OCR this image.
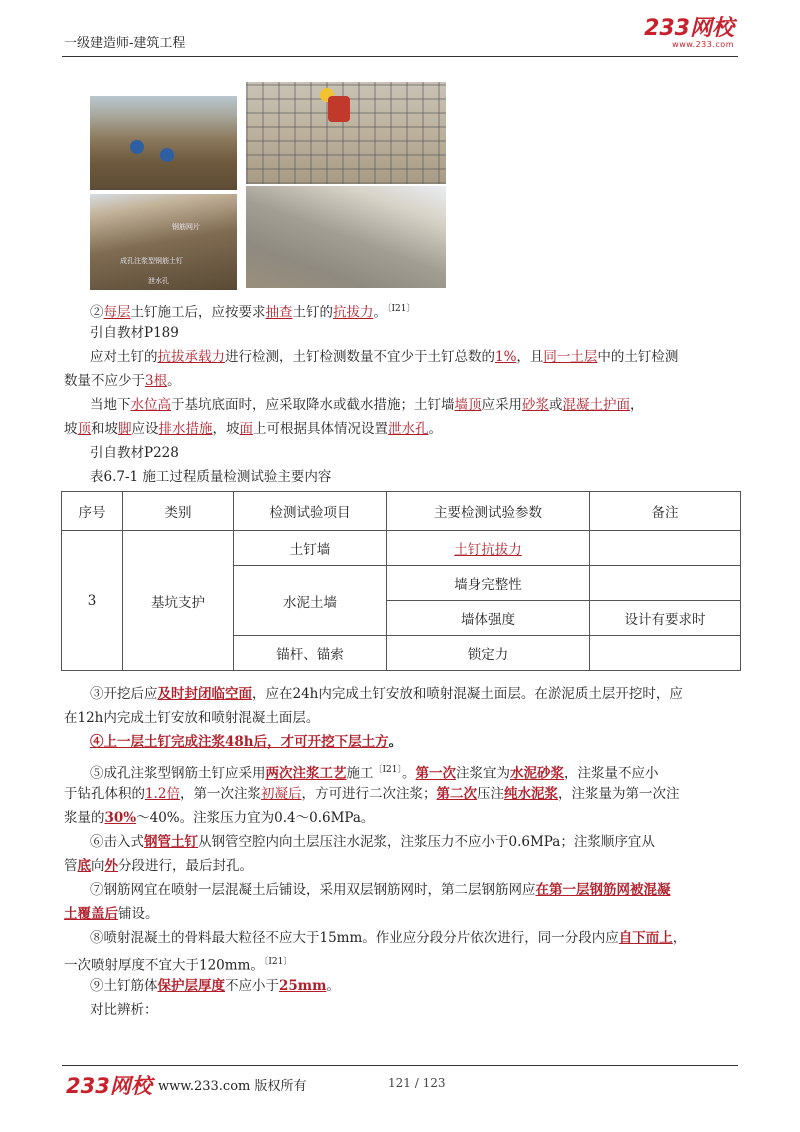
一级建造师-建筑工程
233网校
www.233.com
钢筋网片
成孔注浆型钢筋土钉
泄水孔
②每层土钉施工后，应按要求抽查土钉的抗拔力。$^{〔Ⅰ21〕}$
引自教材P189
应对土钉的抗拔承载力进行检测，土钉检测数量不宜少于土钉总数的1%，且同一土层中的土钉检测
数量不应少于3根。
当地下水位高于基坑底面时，应采取降水或截水措施；土钉墙墙顶应采用砂浆或混凝土护面，
坡顶和坡脚应设排水措施，坡面上可根据具体情况设置泄水孔。
引自教材P228
表6.7-1 施工过程质量检测试验主要内容
序号	类别	检测试验项目	主要检测试验参数	备注
3	基坑支护	土钉墙	土钉抗拔力	
		水泥土墙	墙身完整性	
			墙体强度	设计有要求时
		锚杆、锚索	锁定力	
③开挖后应及时封闭临空面，应在24h内完成土钉安放和喷射混凝土面层。在淤泥质土层开挖时，应
在12h内完成土钉安放和喷射混凝土面层。
④上一层土钉完成注浆48h后，才可开挖下层土方。
⑤成孔注浆型钢筋土钉应采用两次注浆工艺施工$^{〔Ⅰ21〕}$。第一次注浆宜为水泥砂浆，注浆量不应小
于钻孔体积的1.2倍，第一次注浆初凝后，方可进行二次注浆；第二次压注纯水泥浆，注浆量为第一次注
浆量的30%～40%。注浆压力宜为0.4～0.6MPa。
⑥击入式钢管土钉从钢管空腔内向土层压注水泥浆，注浆压力不应小于0.6MPa；注浆顺序宜从
管底向外分段进行，最后封孔。
⑦钢筋网宜在喷射一层混凝土后铺设，采用双层钢筋网时，第二层钢筋网应在第一层钢筋网被混凝
土覆盖后铺设。
⑧喷射混凝土的骨料最大粒径不应大于15mm。作业应分段分片依次进行，同一分段内应自下而上，
一次喷射厚度不宜大于120mm。$^{〔Ⅰ21〕}$
⑨土钉筋体保护层厚度不应小于25mm。
对比辨析：
233网校 www.233.com 版权所有	121 / 123
